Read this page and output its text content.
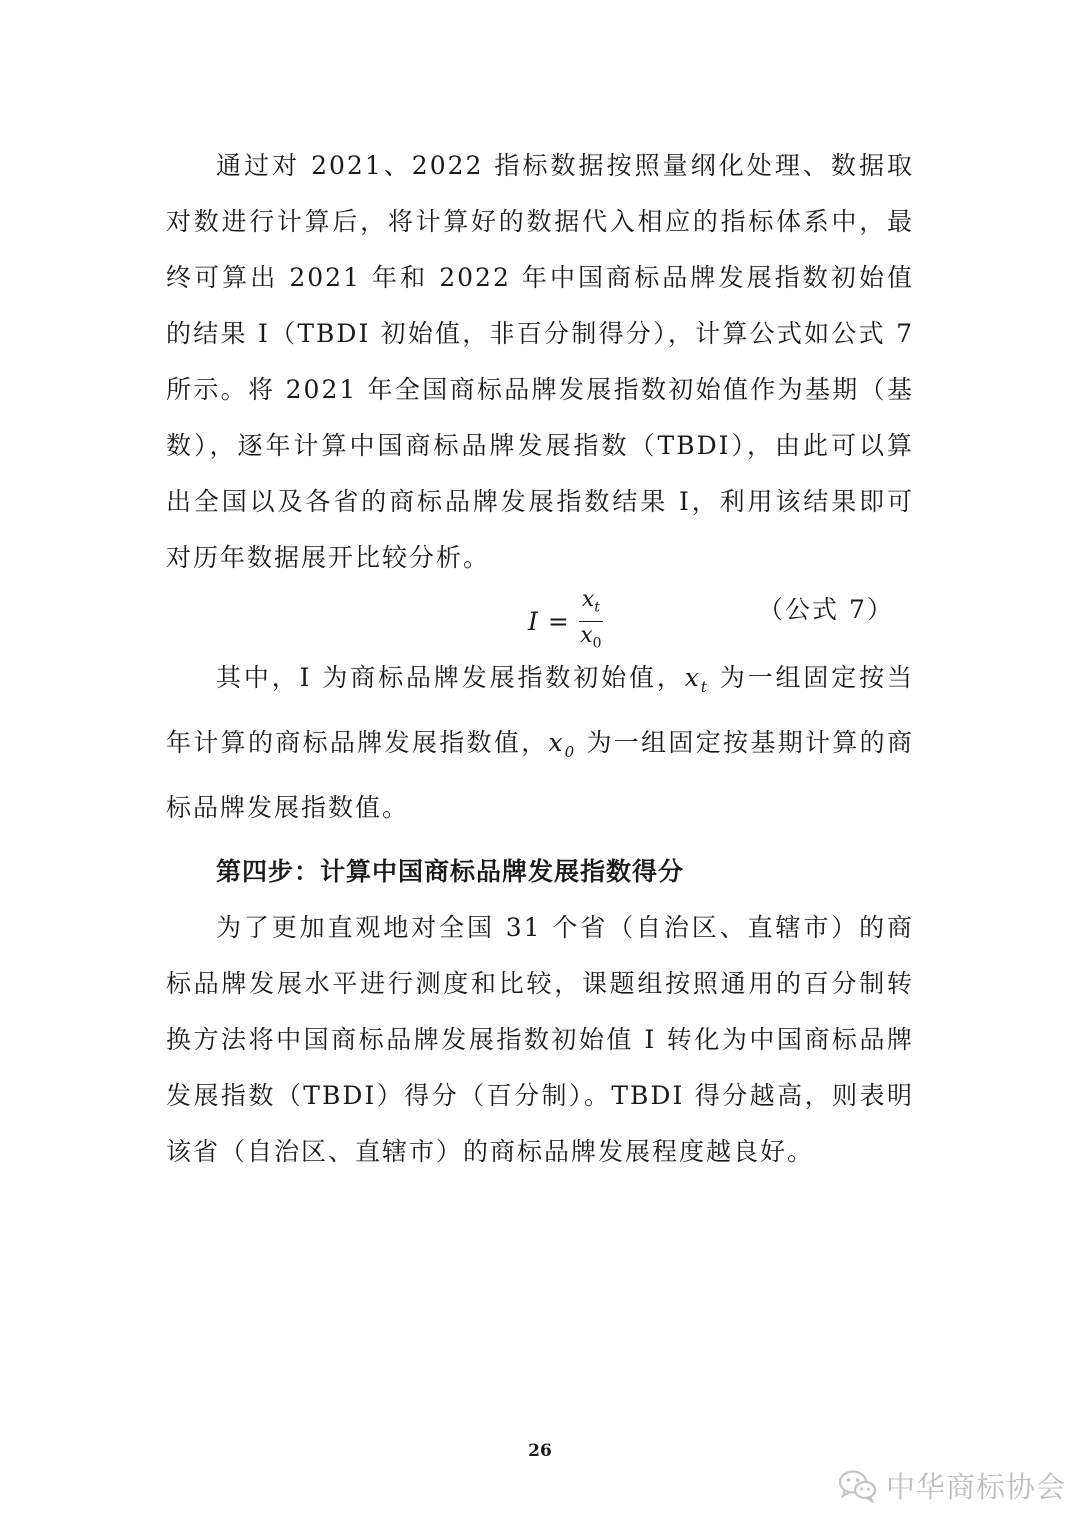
通过对 2021、2022 指标数据按照量纲化处理、数据取对数进行计算后，将计算好的数据代入相应的指标体系中，最终可算出 2021 年和 2022 年中国商标品牌发展指数初始值的结果 I（TBDI 初始值，非百分制得分），计算公式如公式 7 所示。将 2021 年全国商标品牌发展指数初始值作为基期（基数），逐年计算中国商标品牌发展指数（TBDI），由此可以算出全国以及各省的商标品牌发展指数结果 I，利用该结果即可对历年数据展开比较分析。

$I = \frac{x_t}{x_0}$	（公式 7）

其中，I 为商标品牌发展指数初始值，$x_t$ 为一组固定按当年计算的商标品牌发展指数值，$x_0$ 为一组固定按基期计算的商标品牌发展指数值。

第四步：计算中国商标品牌发展指数得分

为了更加直观地对全国 31 个省（自治区、直辖市）的商标品牌发展水平进行测度和比较，课题组按照通用的百分制转换方法将中国商标品牌发展指数初始值 I 转化为中国商标品牌发展指数（TBDI）得分（百分制）。TBDI 得分越高，则表明该省（自治区、直辖市）的商标品牌发展程度越良好。

26
中华商标协会
